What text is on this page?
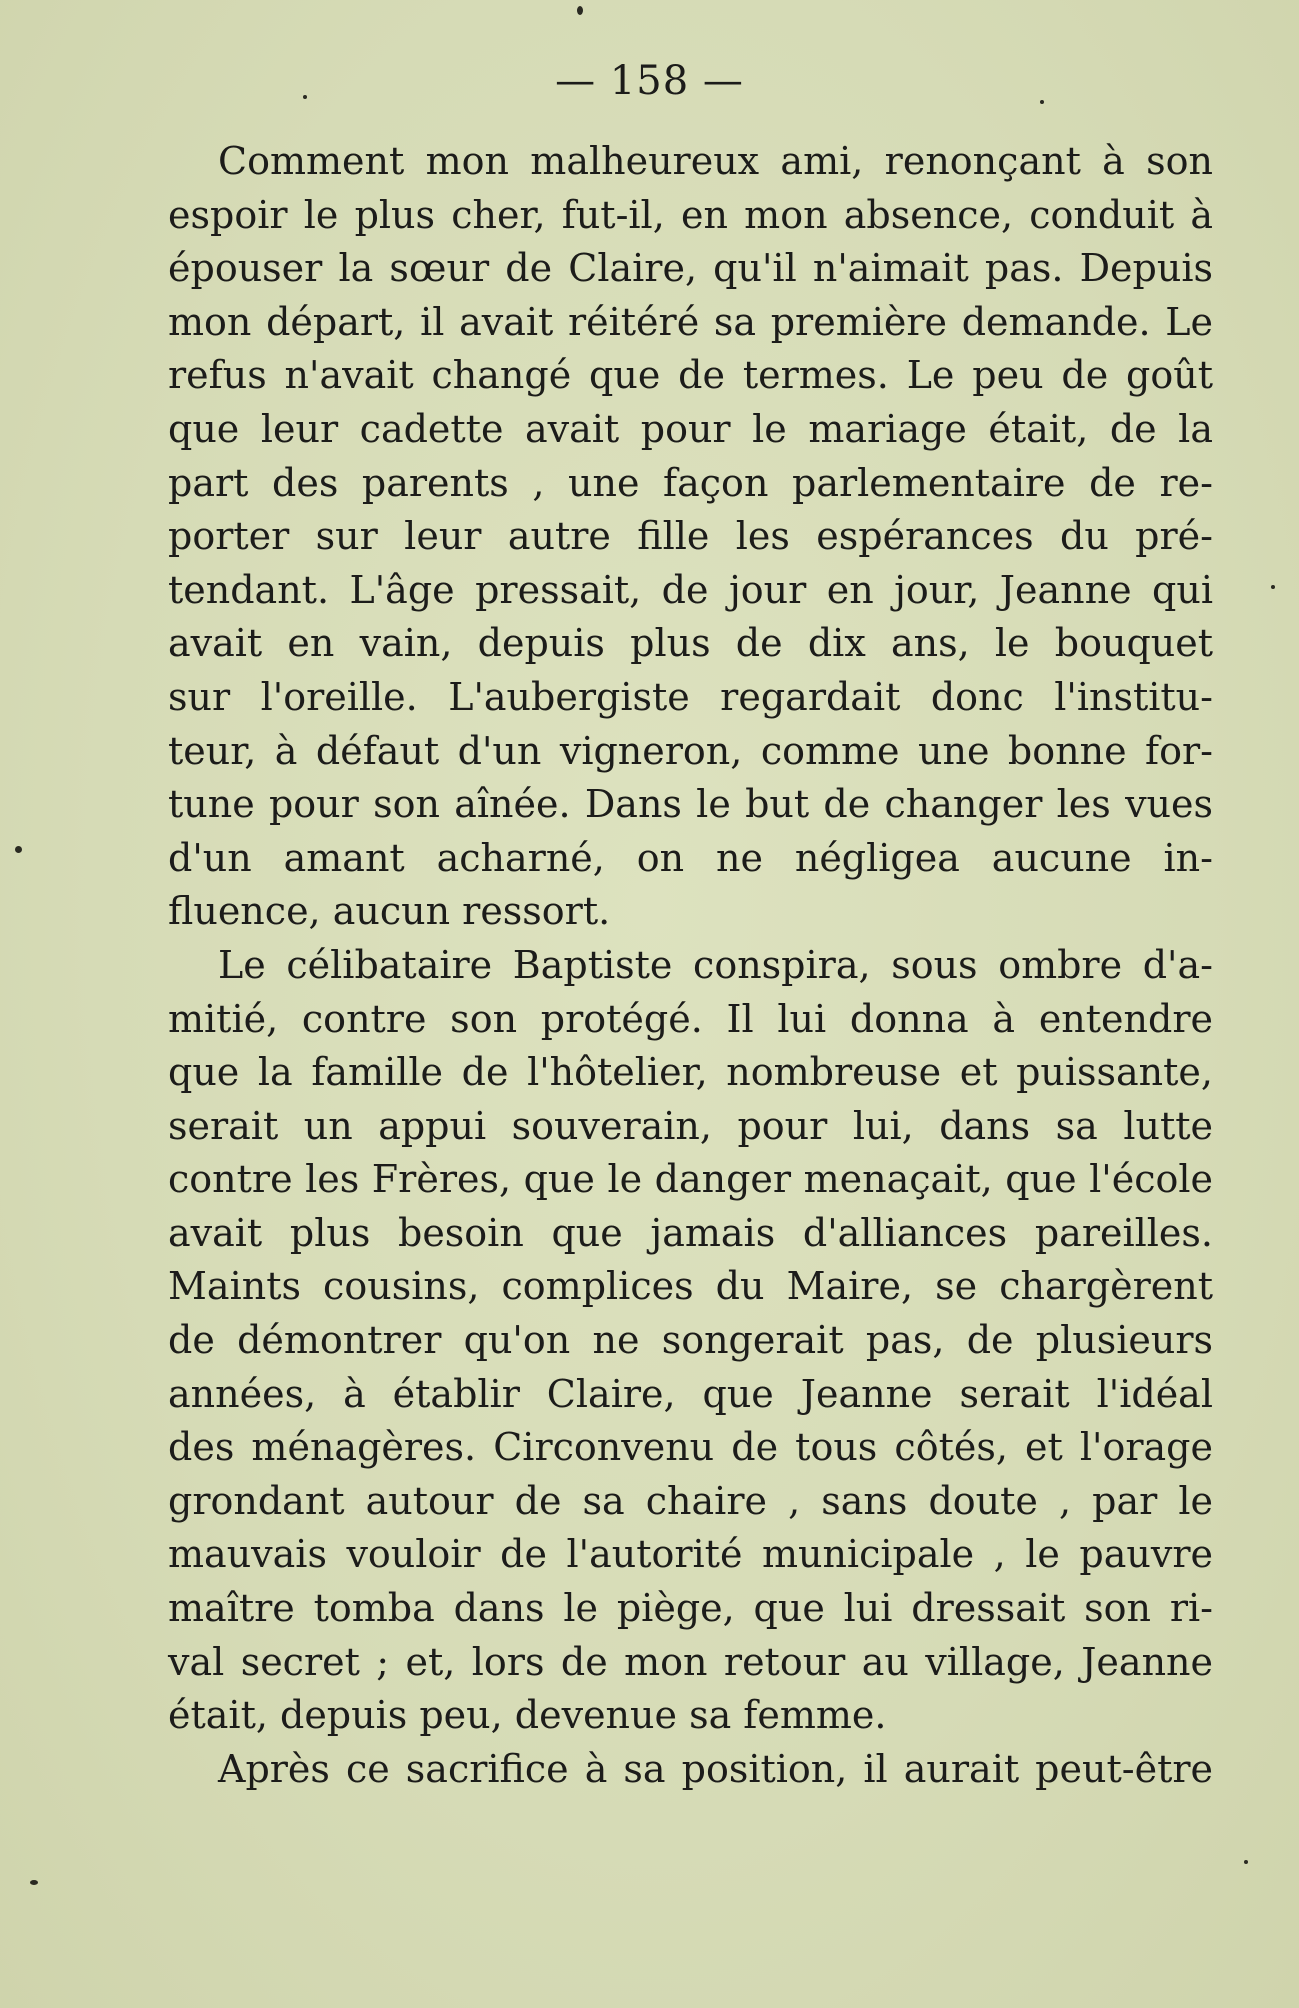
— 158 —
Comment mon malheureux ami, renonçant à son
espoir le plus cher, fut-il, en mon absence, conduit à
épouser la sœur de Claire, qu'il n'aimait pas. Depuis
mon départ, il avait réitéré sa première demande. Le
refus n'avait changé que de termes. Le peu de goût
que leur cadette avait pour le mariage était, de la
part des parents , une façon parlementaire de re-
porter sur leur autre fille les espérances du pré-
tendant. L'âge pressait, de jour en jour, Jeanne qui
avait en vain, depuis plus de dix ans, le bouquet
sur l'oreille. L'aubergiste regardait donc l'institu-
teur, à défaut d'un vigneron, comme une bonne for-
tune pour son aînée. Dans le but de changer les vues
d'un amant acharné, on ne négligea aucune in-
fluence, aucun ressort.
Le célibataire Baptiste conspira, sous ombre d'a-
mitié, contre son protégé. Il lui donna à entendre
que la famille de l'hôtelier, nombreuse et puissante,
serait un appui souverain, pour lui, dans sa lutte
contre les Frères, que le danger menaçait, que l'école
avait plus besoin que jamais d'alliances pareilles.
Maints cousins, complices du Maire, se chargèrent
de démontrer qu'on ne songerait pas, de plusieurs
années, à établir Claire, que Jeanne serait l'idéal
des ménagères. Circonvenu de tous côtés, et l'orage
grondant autour de sa chaire , sans doute , par le
mauvais vouloir de l'autorité municipale , le pauvre
maître tomba dans le piège, que lui dressait son ri-
val secret ; et, lors de mon retour au village, Jeanne
était, depuis peu, devenue sa femme.
Après ce sacrifice à sa position, il aurait peut-être
